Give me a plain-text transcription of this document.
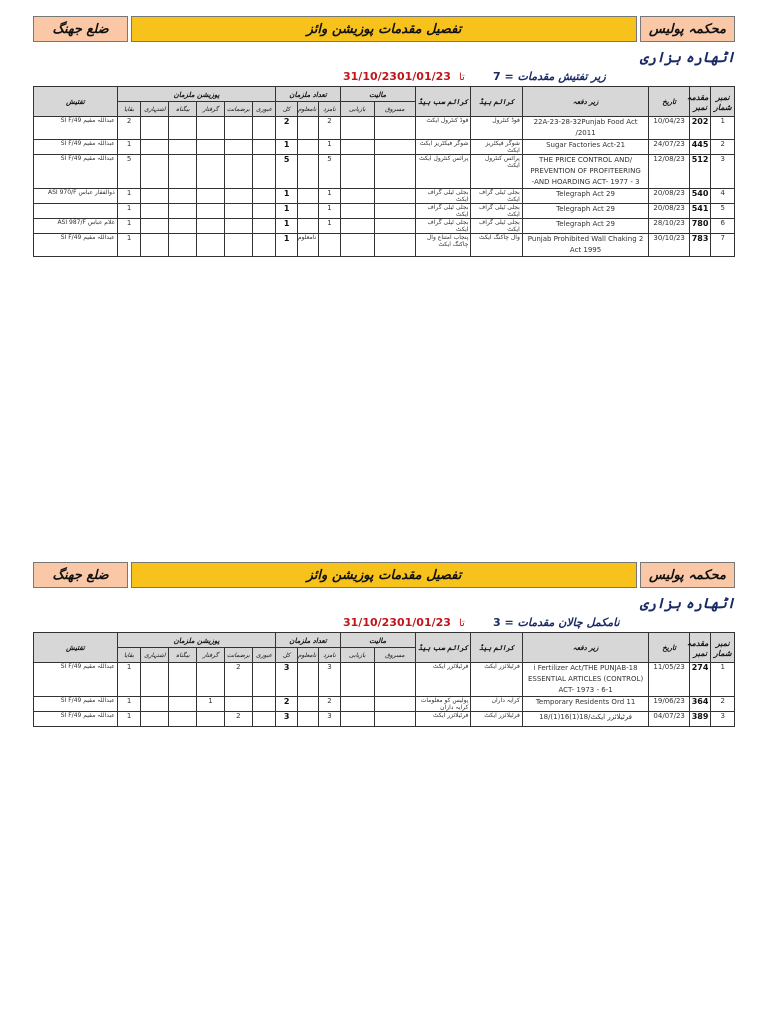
ضلع جھنگ	تفصیل مقدمات پوزیشن وائز	محکمہ پولیس
اٹھارہ ہزاری
31/10/23	تا01/01/23	زیر تفتیش مقدمات = 7
نمبر شمار	مقدمہ نمبر	تاریخ	زیر دفعہ	کرائم ہیڈ	کرائم سب ہیڈ	مالیت		تعداد ملزمان			پوزیشن ملزمان						تفتیش
						مسروق	بازیابی	نامزد	نامعلوم	کل	عبوری	برضمانت	گرفتار	بیگناہ	اشتہاری	بقایا	
1	202	10/04/23	22A-23-28-32Punjab Food Act 2011/	فوڈ کنٹرول	فوڈ کنٹرول ایکٹ			2		2						2	عبداللہ مقیم SI F/49
2	445	24/07/23	21-Sugar Factories Act	شوگر فیکٹریز ایکٹ	شوگر فیکٹریز ایکٹ			1		1						1	عبداللہ مقیم SI F/49
3	512	12/08/23	/THE PRICE CONTROL AND PREVENTION OF PROFITEERING AND HOARDING ACT- 1977 - 3-	پرائس کنٹرول ایکٹ	پرائس کنٹرول ایکٹ			5		5						5	عبداللہ مقیم SI F/49
4	540	20/08/23	29 Telegraph Act	بجلی ٹیلی گراف ایکٹ	بجلی ٹیلی گراف ایکٹ			1		1						1	ذوالفقار عباس ASI 970/F
5	541	20/08/23	29 Telegraph Act	بجلی ٹیلی گراف ایکٹ	بجلی ٹیلی گراف ایکٹ			1		1						1	
6	780	28/10/23	29 Telegraph Act	بجلی ٹیلی گراف ایکٹ	بجلی ٹیلی گراف ایکٹ			1		1						1	غلام عباس ASI 987/F
7	783	30/10/23	2 Punjab Prohibited Wall Chaking Act 1995	وال چاکنگ ایکٹ	پنجاب امتناع وال چاکنگ ایکٹ				نامعلوم	1						1	عبداللہ مقیم SI F/49
ضلع جھنگ	تفصیل مقدمات پوزیشن وائز	محکمہ پولیس
اٹھارہ ہزاری
31/10/23	تا01/01/23	نامکمل چالان مقدمات = 3
نمبر شمار	مقدمہ نمبر	تاریخ	زیر دفعہ	کرائم ہیڈ	کرائم سب ہیڈ	مالیت		تعداد ملزمان			پوزیشن ملزمان						تفتیش
						مسروق	بازیابی	نامزد	نامعلوم	کل	عبوری	برضمانت	گرفتار	بیگناہ	اشتہاری	بقایا	
1	274	11/05/23	18-i Fertilizer Act/THE PUNJAB ESSENTIAL ARTICLES (CONTROL) ACT- 1973 - 6-1	فرٹیلائزر ایکٹ	فرٹیلائزر ایکٹ			3		3		2				1	عبداللہ مقیم SI F/49
2	364	19/06/23	11 Temporary Residents Ord	کرایہ داران	پولیس کو معلومات کرایہ داران			2		2			1			1	عبداللہ مقیم SI F/49
3	389	04/07/23	فرٹیلائزر ایکٹ/18(1)16(1)/18	فرٹیلائزر ایکٹ	فرٹیلائزر ایکٹ			3		3		2				1	عبداللہ مقیم SI F/49
